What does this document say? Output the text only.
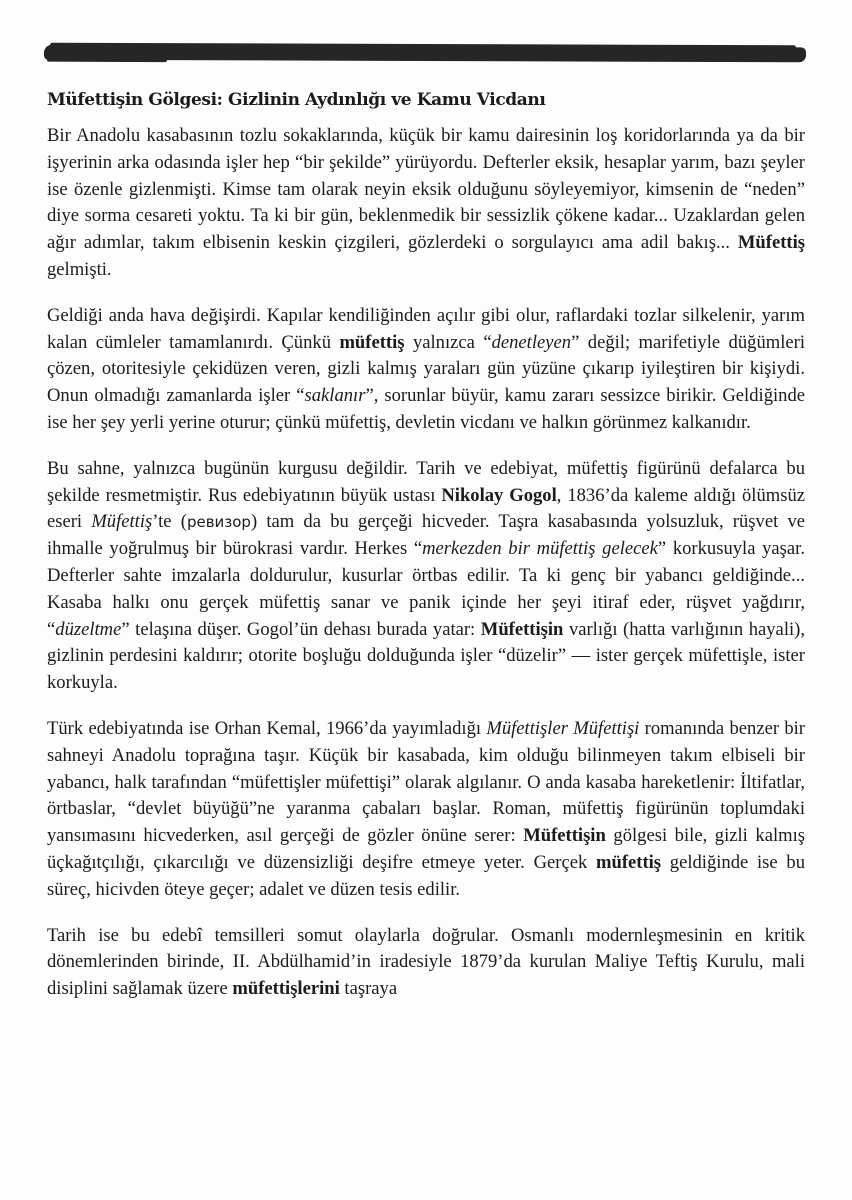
Müfettişin Gölgesi: Gizlinin Aydınlığı ve Kamu Vicdanı

Bir Anadolu kasabasının tozlu sokaklarında, küçük bir kamu dairesinin loş koridorlarında ya da bir işyerinin arka odasında işler hep “bir şekilde” yürüyordu. Defterler eksik, hesaplar yarım, bazı şeyler ise özenle gizlenmişti. Kimse tam olarak neyin eksik olduğunu söyleyemiyor, kimsenin de “neden” diye sorma cesareti yoktu. Ta ki bir gün, beklenmedik bir sessizlik çökene kadar... Uzaklardan gelen ağır adımlar, takım elbisenin keskin çizgileri, gözlerdeki o sorgulayıcı ama adil bakış... Müfettiş gelmişti.

Geldiği anda hava değişirdi. Kapılar kendiliğinden açılır gibi olur, raflardaki tozlar silkelenir, yarım kalan cümleler tamamlanırdı. Çünkü müfettiş yalnızca “denetleyen” değil; marifetiyle düğümleri çözen, otoritesiyle çekidüzen veren, gizli kalmış yaraları gün yüzüne çıkarıp iyileştiren bir kişiydi. Onun olmadığı zamanlarda işler “saklanır”, sorunlar büyür, kamu zararı sessizce birikir. Geldiğinde ise her şey yerli yerine oturur; çünkü müfettiş, devletin vicdanı ve halkın görünmez kalkanıdır.

Bu sahne, yalnızca bugünün kurgusu değildir. Tarih ve edebiyat, müfettiş figürünü defalarca bu şekilde resmetmiştir. Rus edebiyatının büyük ustası Nikolay Gogol, 1836’da kaleme aldığı ölümsüz eseri Müfettiş’te (ревизор) tam da bu gerçeği hicveder. Taşra kasabasında yolsuzluk, rüşvet ve ihmalle yoğrulmuş bir bürokrasi vardır. Herkes “merkezden bir müfettiş gelecek” korkusuyla yaşar. Defterler sahte imzalarla doldurulur, kusurlar örtbas edilir. Ta ki genç bir yabancı geldiğinde... Kasaba halkı onu gerçek müfettiş sanar ve panik içinde her şeyi itiraf eder, rüşvet yağdırır, “düzeltme” telaşına düşer. Gogol’ün dehası burada yatar: Müfettişin varlığı (hatta varlığının hayali), gizlinin perdesini kaldırır; otorite boşluğu dolduğunda işler “düzelir” — ister gerçek müfettişle, ister korkuyla.

Türk edebiyatında ise Orhan Kemal, 1966’da yayımladığı Müfettişler Müfettişi romanında benzer bir sahneyi Anadolu toprağına taşır. Küçük bir kasabada, kim olduğu bilinmeyen takım elbiseli bir yabancı, halk tarafından “müfettişler müfettişi” olarak algılanır. O anda kasaba hareketlenir: İltifatlar, örtbaslar, “devlet büyüğü”ne yaranma çabaları başlar. Roman, müfettiş figürünün toplumdaki yansımasını hicvederken, asıl gerçeği de gözler önüne serer: Müfettişin gölgesi bile, gizli kalmış üçkağıtçılığı, çıkarcılığı ve düzensizliği deşifre etmeye yeter. Gerçek müfettiş geldiğinde ise bu süreç, hicivden öteye geçer; adalet ve düzen tesis edilir.

Tarih ise bu edebî temsilleri somut olaylarla doğrular. Osmanlı modernleşmesinin en kritik dönemlerinden birinde, II. Abdülhamid’in iradesiyle 1879’da kurulan Maliye Teftiş Kurulu, mali disiplini sağlamak üzere müfettişlerini taşraya
